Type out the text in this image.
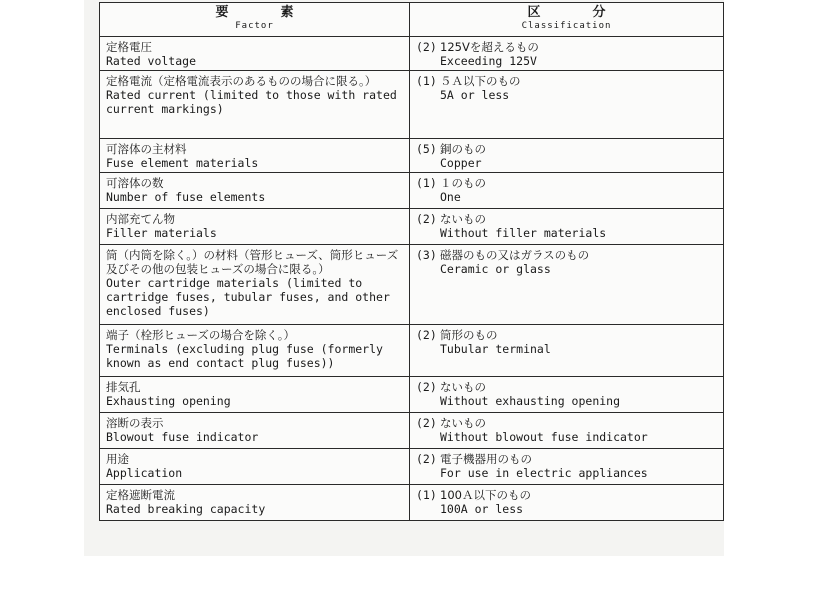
要素
Factor	区分
Classification

定格電圧
Rated voltage	(2) 125Vを超えるもの
Exceeding 125V

定格電流（定格電流表示のあるものの場合に限る。）
Rated current (limited to those with rated current markings)	(1) ５Ａ以下のもの
5A or less

可溶体の主材料
Fuse element materials	(5) 銅のもの
Copper

可溶体の数
Number of fuse elements	(1) １のもの
One

内部充てん物
Filler materials	(2) ないもの
Without filler materials

筒（内筒を除く。）の材料（管形ヒューズ、筒形ヒューズ及びその他の包装ヒューズの場合に限る。）
Outer cartridge materials (limited to cartridge fuses, tubular fuses, and other enclosed fuses)	(3) 磁器のもの又はガラスのもの
Ceramic or glass

端子（栓形ヒューズの場合を除く。）
Terminals (excluding plug fuse (formerly known as end contact plug fuses))	(2) 筒形のもの
Tubular terminal

排気孔
Exhausting opening	(2) ないもの
Without exhausting opening

溶断の表示
Blowout fuse indicator	(2) ないもの
Without blowout fuse indicator

用途
Application	(2) 電子機器用のもの
For use in electric appliances

定格遮断電流
Rated breaking capacity	(1) 100Ａ以下のもの
100A or less
